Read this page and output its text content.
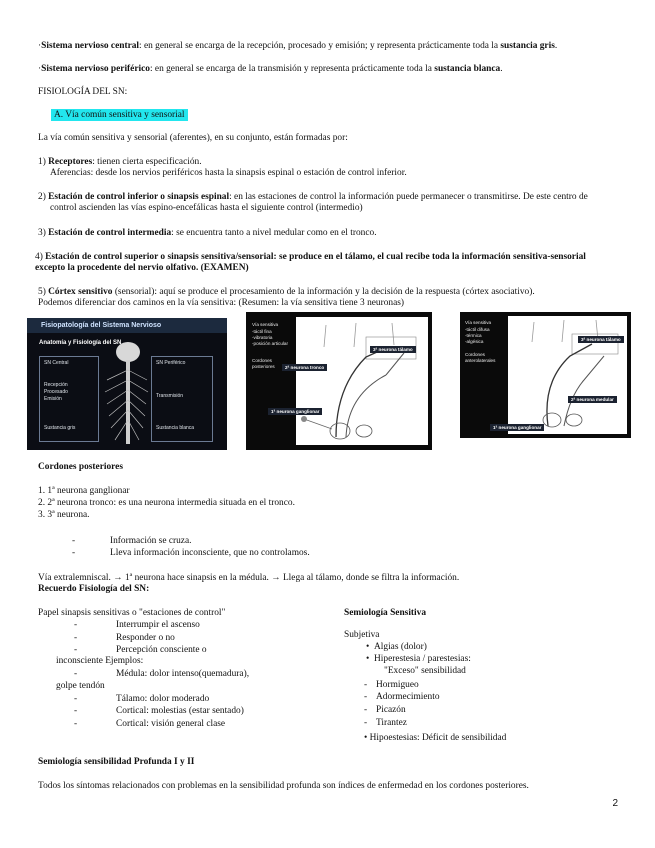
·Sistema nervioso central: en general se encarga de la recepción, procesado y emisión; y representa prácticamente toda la sustancia gris.
·Sistema nervioso periférico: en general se encarga de la transmisión y representa prácticamente toda la sustancia blanca.
FISIOLOGÍA DEL SN:
A. Vía común sensitiva y sensorial
La vía común sensitiva y sensorial (aferentes), en su conjunto, están formadas por:
1) Receptores: tienen cierta especificación.
Aferencias: desde los nervios periféricos hasta la sinapsis espinal o estación de control inferior.
2) Estación de control inferior o sinapsis espinal: en las estaciones de control la información puede permanecer o transmitirse. De este centro de
control ascienden las vías espino-encefálicas hasta el siguiente control (intermedio)
3) Estación de control intermedia: se encuentra tanto a nivel medular como en el tronco.
4) Estación de control superior o sinapsis sensitiva/sensorial: se produce en el tálamo, el cual recibe toda la información sensitiva-sensorial
excepto la procedente del nervio olfativo. (EXAMEN)
5) Córtex sensitivo (sensorial): aquí se produce el procesamiento de la información y la decisión de la respuesta (córtex asociativo).
Podemos diferenciar dos caminos en la vía sensitiva: (Resumen: la vía sensitiva tiene 3 neuronas)
Fisiopatología del Sistema Nervioso
Anatomía y Fisiología del SN
SN Central
Recepción
Procesado
Emisión
Sustancia gris
SN Periférico
Transmisión
Sustancia blanca
Vía sensitiva
-táctil fina
-vibratoria
-posición articular
Cordones
posteriores
3ª neurona tálamo
2ª neurona tronco
1ª neurona ganglionar
Vía sensitiva
-táctil difusa
-térmica
-algésica
Cordones
anterolaterales
3ª neurona tálamo
2ª neurona medular
1ª neurona ganglionar
Cordones posteriores
1. 1ª neurona ganglionar
2. 2ª neurona tronco: es una neurona intermedia situada en el tronco.
3. 3ª neurona.
-	Información se cruza.
-	Lleva información inconsciente, que no controlamos.
Vía extralemniscal. → 1ª neurona hace sinapsis en la médula. → Llega al tálamo, donde se filtra la información.
Recuerdo Fisiología del SN:
Papel sinapsis sensitivas o "estaciones de control"
-	Interrumpir el ascenso
-	Responder o no
-	Percepción consciente o
inconsciente Ejemplos:
-	Médula: dolor intenso(quemadura),
golpe tendón
-	Tálamo: dolor moderado
-	Cortical: molestias (estar sentado)
-	Cortical: visión general clase
Semiología Sensitiva
Subjetiva
• Algias (dolor)
• Hiperestesia / parestesias:
"Exceso" sensibilidad
- Hormigueo
- Adormecimiento
- Picazón
- Tirantez
• Hipoestesias: Déficit de sensibilidad
Semiología sensibilidad Profunda I y II
Todos los síntomas relacionados con problemas en la sensibilidad profunda son índices de enfermedad en los cordones posteriores.
2
